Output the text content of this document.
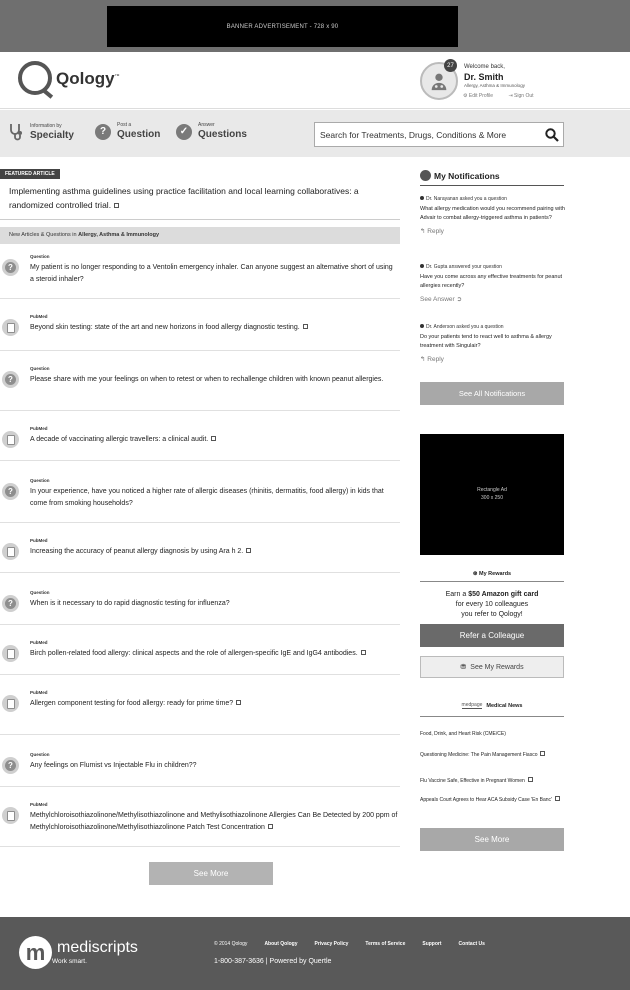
BANNER ADVERTISEMENT - 728 x 90
Qology™
27	Welcome back,
Dr. Smith
Allergy, Asthma & Immunology
⚙ Edit Profile	⇥ Sign Out
Information by
Specialty	?
Post a
Question	✓
Answer
Questions
Search for Treatments, Drugs, Conditions & More
FEATURED ARTICLE
Implementing asthma guidelines using practice facilitation and local learning collaboratives: a randomized controlled trial.
New Articles & Questions in Allergy, Asthma & Immunology
?
Question
My patient is no longer responding to a Ventolin emergency inhaler. Can anyone suggest an alternative short of using a steroid inhaler?
PubMed
Beyond skin testing: state of the art and new horizons in food allergy diagnostic testing.
?
Question
Please share with me your feelings on when to retest or when to rechallenge children with known peanut allergies.
PubMed
A decade of vaccinating allergic travellers: a clinical audit.
?
Question
In your experience, have you noticed a higher rate of allergic diseases (rhinitis, dermatitis, food allergy) in kids that come from smoking households?
PubMed
Increasing the accuracy of peanut allergy diagnosis by using Ara h 2.
?
Question
When is it necessary to do rapid diagnostic testing for influenza?
PubMed
Birch pollen-related food allergy: clinical aspects and the role of allergen-specific IgE and IgG4 antibodies.
PubMed
Allergen component testing for food allergy: ready for prime time?
?
Question
Any feelings on Flumist vs Injectable Flu in children??
PubMed
Methylchloroisothiazolinone/Methylisothiazolinone and Methylisothiazolinone Allergies Can Be Detected by 200 ppm of Methylchloroisothiazolinone/Methylisothiazolinone Patch Test Concentration
See More
My Notifications
Dr. Narayanan asked you a question
What allergy medication would you recommend pairing with Advair to combat allergy-triggered asthma in patients?
↰ Reply
Dr. Gupta answered your question
Have you come across any effective treatments for peanut allergies recently?
See Answer ➲
Dr. Anderson asked you a question
Do your patients tend to react well to asthma & allergy treatment with Singulair?
↰ Reply
See All Notifications
Rectangle Ad
300 x 250
⊛ My Rewards
Earn a $50 Amazon gift card
for every 10 colleagues
you refer to Qology!
Refer a Colleague
⛃ See My Rewards
medpage Medical News
Food, Drink, and Heart Risk (CME/CE)
Questioning Medicine: The Pain Management Fiasco
Flu Vaccine Safe, Effective in Pregnant Women
Appeals Court Agrees to Hear ACA Subsidy Case 'En Banc'
See More
m mediscripts
Work smart.
© 2014 Qology	About Qology	Privacy Policy	Terms of Service	Support	Contact Us
1-800-387-3636 | Powered by Quertle
